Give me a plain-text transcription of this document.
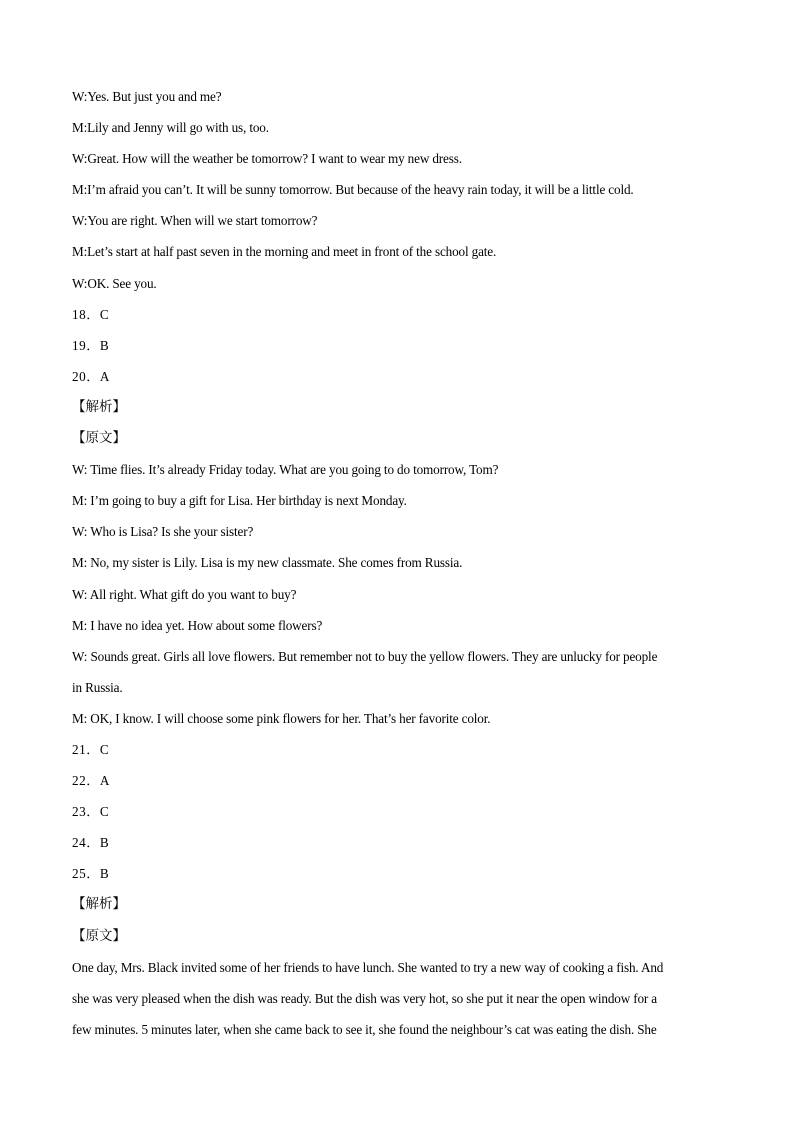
W:Yes. But just you and me?
M:Lily and Jenny will go with us, too.
W:Great. How will the weather be tomorrow? I want to wear my new dress.
M:I’m afraid you can’t. It will be sunny tomorrow. But because of the heavy rain today, it will be a little cold.
W:You are right. When will we start tomorrow?
M:Let’s start at half past seven in the morning and meet in front of the school gate.
W:OK. See you.
18．C
19．B
20．A
【解析】
【原文】
W: Time flies. It’s already Friday today. What are you going to do tomorrow, Tom?
M: I’m going to buy a gift for Lisa. Her birthday is next Monday.
W: Who is Lisa? Is she your sister?
M: No, my sister is Lily. Lisa is my new classmate. She comes from Russia.
W: All right. What gift do you want to buy?
M: I have no idea yet. How about some flowers?
W: Sounds great. Girls all love flowers. But remember not to buy the yellow flowers. They are unlucky for people
in Russia.
M: OK, I know. I will choose some pink flowers for her. That’s her favorite color.
21．C
22．A
23．C
24．B
25．B
【解析】
【原文】
One day, Mrs. Black invited some of her friends to have lunch. She wanted to try a new way of cooking a fish. And
she was very pleased when the dish was ready. But the dish was very hot, so she put it near the open window for a
few minutes. 5 minutes later, when she came back to see it, she found the neighbour’s cat was eating the dish. She
